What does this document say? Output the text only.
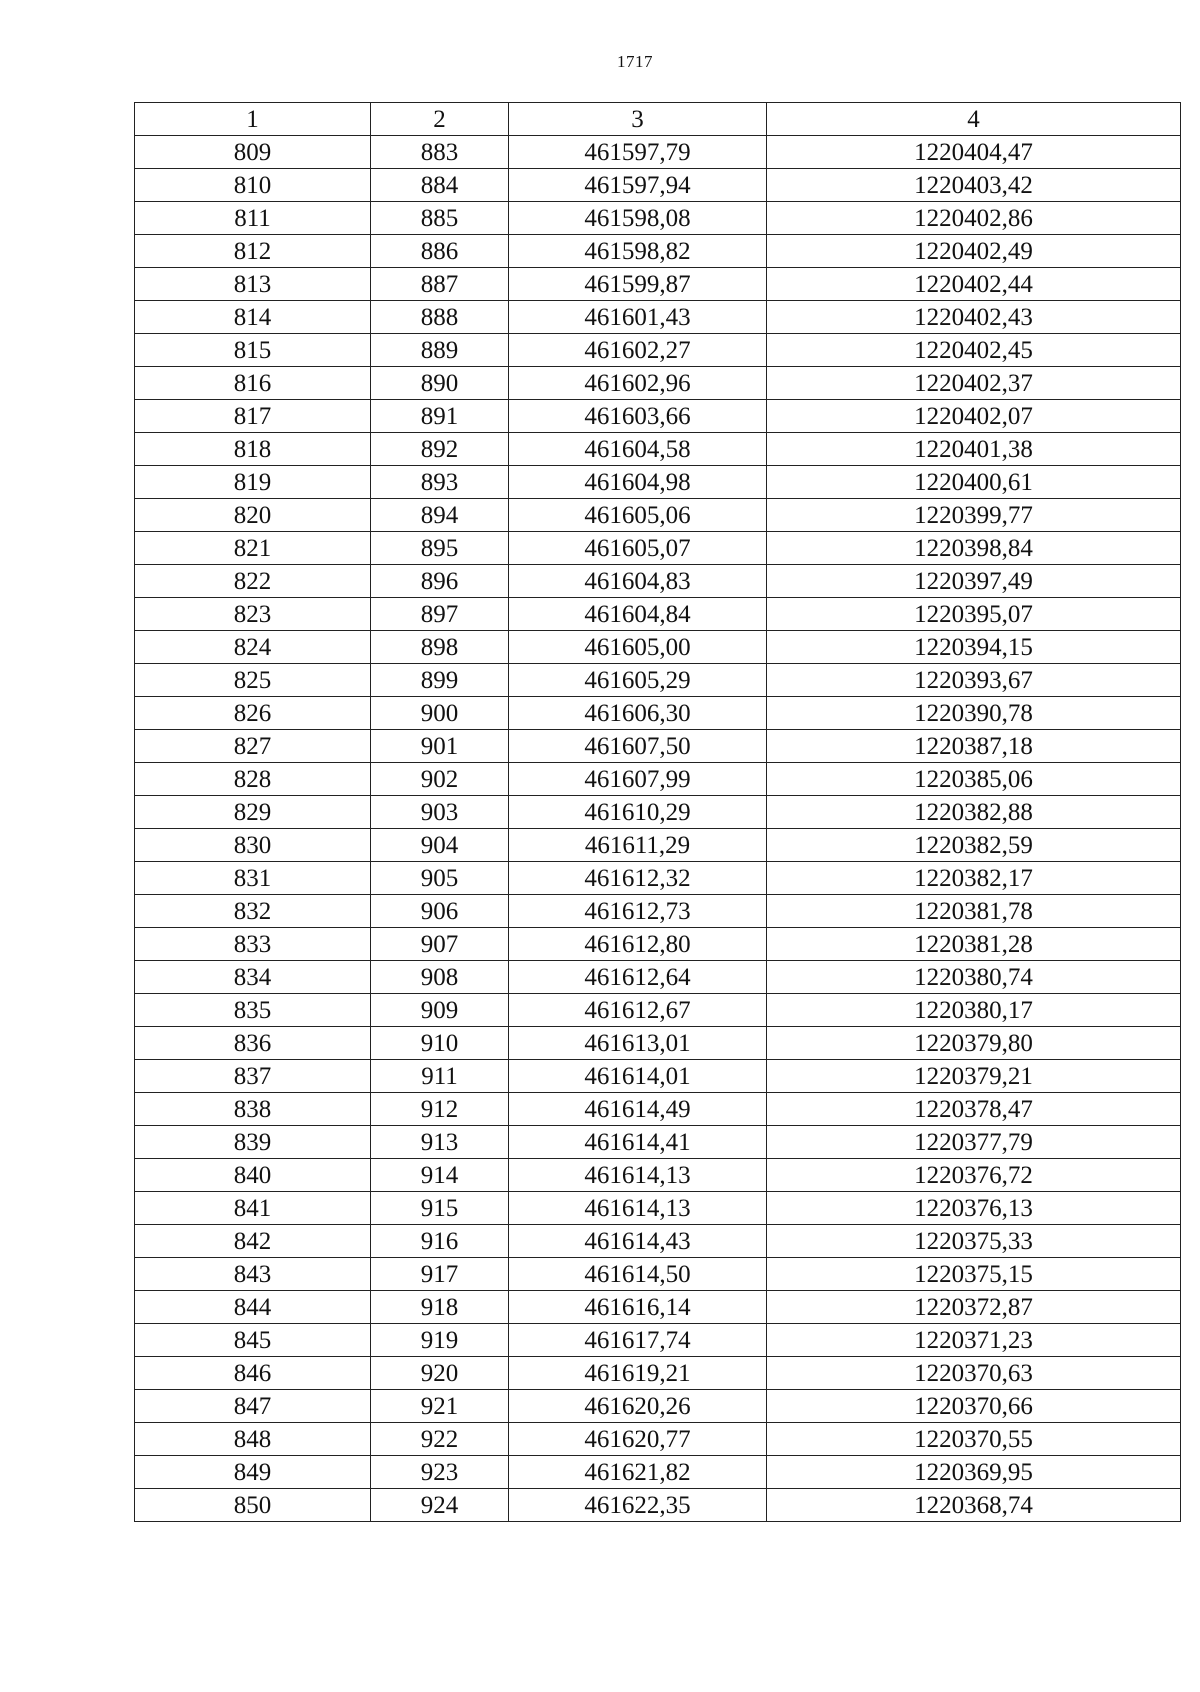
1717
1	2	3	4
809	883	461597,79	1220404,47
810	884	461597,94	1220403,42
811	885	461598,08	1220402,86
812	886	461598,82	1220402,49
813	887	461599,87	1220402,44
814	888	461601,43	1220402,43
815	889	461602,27	1220402,45
816	890	461602,96	1220402,37
817	891	461603,66	1220402,07
818	892	461604,58	1220401,38
819	893	461604,98	1220400,61
820	894	461605,06	1220399,77
821	895	461605,07	1220398,84
822	896	461604,83	1220397,49
823	897	461604,84	1220395,07
824	898	461605,00	1220394,15
825	899	461605,29	1220393,67
826	900	461606,30	1220390,78
827	901	461607,50	1220387,18
828	902	461607,99	1220385,06
829	903	461610,29	1220382,88
830	904	461611,29	1220382,59
831	905	461612,32	1220382,17
832	906	461612,73	1220381,78
833	907	461612,80	1220381,28
834	908	461612,64	1220380,74
835	909	461612,67	1220380,17
836	910	461613,01	1220379,80
837	911	461614,01	1220379,21
838	912	461614,49	1220378,47
839	913	461614,41	1220377,79
840	914	461614,13	1220376,72
841	915	461614,13	1220376,13
842	916	461614,43	1220375,33
843	917	461614,50	1220375,15
844	918	461616,14	1220372,87
845	919	461617,74	1220371,23
846	920	461619,21	1220370,63
847	921	461620,26	1220370,66
848	922	461620,77	1220370,55
849	923	461621,82	1220369,95
850	924	461622,35	1220368,74
